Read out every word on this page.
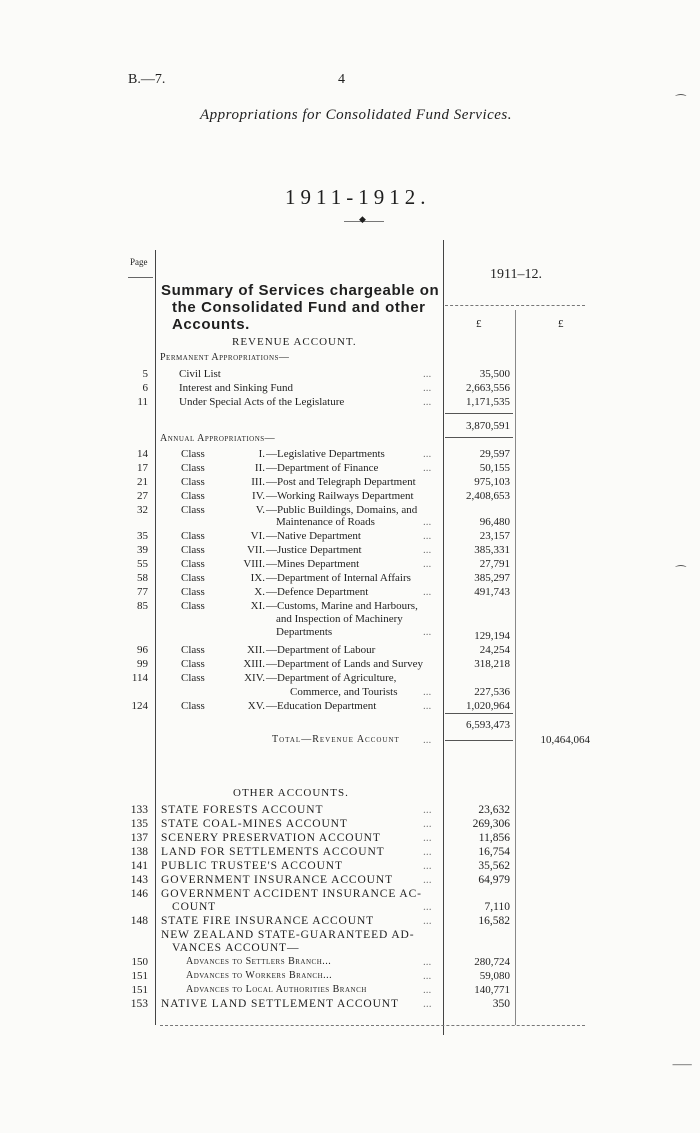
B.—7.	4
Appropriations for Consolidated Fund Services.
1911-1912.
◆
Page
Summary of Services chargeable on
the Consolidated Fund and other
Accounts.
1911–12.
£	£
REVENUE ACCOUNT.
Permanent Appropriations—
5	Civil List	...	35,500
6	Interest and Sinking Fund	...	2,663,556
11	Under Special Acts of the Legislature	...	1,171,535
3,870,591
Annual Appropriations—
14	Class	I. —Legislative Departments	...	29,597
17	Class	II. —Department of Finance	...	50,155
21	Class	III. —Post and Telegraph Department	975,103
27	Class	IV. —Working Railways Department	2,408,653
32	Class	V. —Public Buildings, Domains, and
Maintenance of Roads	...	96,480
35	Class	VI. —Native Department	...	23,157
39	Class	VII. —Justice Department	...	385,331
55	Class	VIII. —Mines Department	...	27,791
58	Class	IX. —Department of Internal Affairs	385,297
77	Class	X. —Defence Department	...	491,743
85	Class	XI. —Customs, Marine and Harbours,
and Inspection of Machinery
Departments	...	129,194
96	Class	XII. —Department of Labour	24,254
99	Class	XIII. —Department of Lands and Survey	318,218
114	Class	XIV. —Department of Agriculture,
Commerce, and Tourists ...	227,536
124	Class	XV. —Education Department	...	1,020,964
6,593,473
Total—Revenue Account ...	10,464,064
OTHER ACCOUNTS.
133 STATE FORESTS ACCOUNT	...	23,632
135 STATE COAL-MINES ACCOUNT	...	269,306
137 SCENERY PRESERVATION ACCOUNT	...	11,856
138 LAND FOR SETTLEMENTS ACCOUNT	...	16,754
141 PUBLIC TRUSTEE'S ACCOUNT	...	35,562
143 GOVERNMENT INSURANCE ACCOUNT	...	64,979
146 GOVERNMENT ACCIDENT INSURANCE AC-
COUNT	...	7,110
148 STATE FIRE INSURANCE ACCOUNT	...	16,582
NEW ZEALAND STATE-GUARANTEED AD-
VANCES ACCOUNT—
150	Advances to Settlers Branch...	...	280,724
151	Advances to Workers Branch...	...	59,080
151	Advances to Local Authorities Branch	...	140,771
153 NATIVE LAND SETTLEMENT ACCOUNT ...	350
⁀
⁀
⸺
